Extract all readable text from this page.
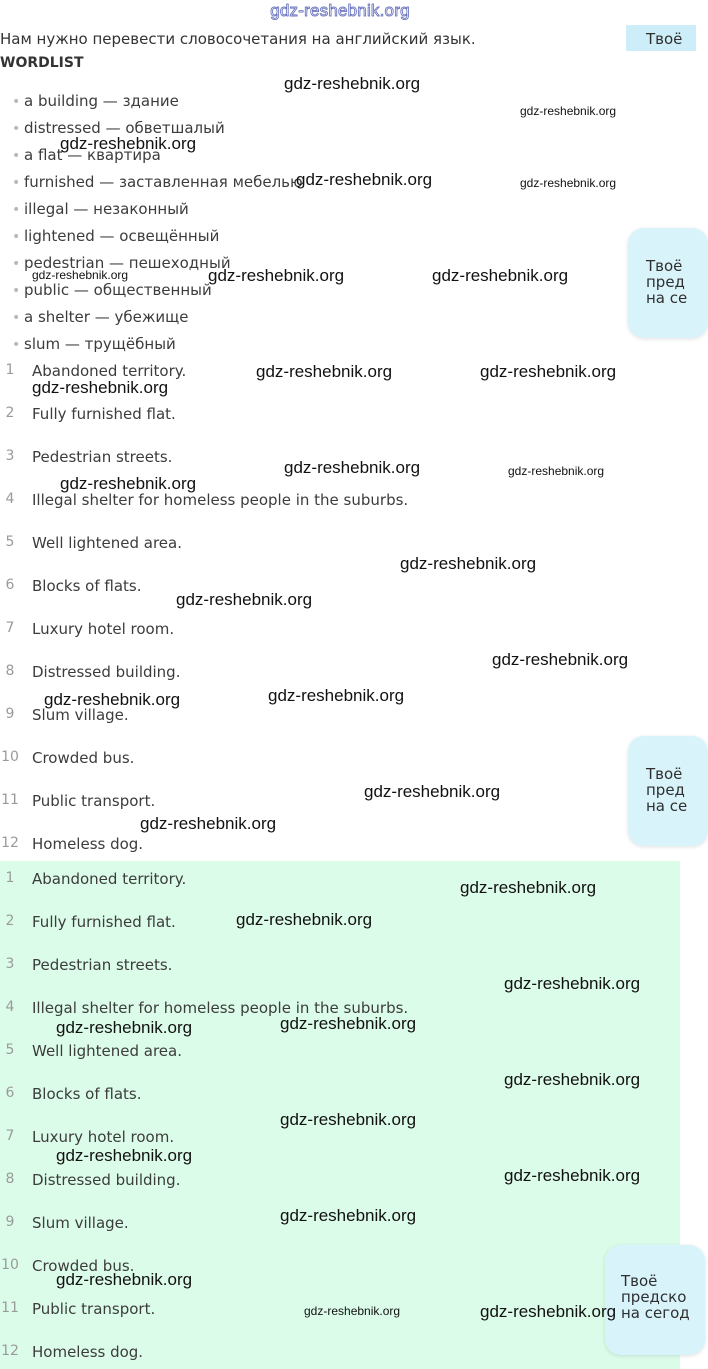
gdz-reshebnik.org
Твоё
Нам нужно перевести словосочетания на английский язык.
WORDLIST
• a building — здание
• distressed — обветшалый
• a flat — квартира
• furnished — заставленная мебелью
• illegal — незаконный
• lightened — освещённый
• pedestrian — пешеходный
• public — общественный
• a shelter — убежище
• slum — трущёбный
1	Abandoned territory.
2	Fully furnished flat.
3	Pedestrian streets.
4	Illegal shelter for homeless people in the suburbs.
5	Well lightened area.
6	Blocks of flats.
7	Luxury hotel room.
8	Distressed building.
9	Slum village.
10 Crowded bus.
11 Public transport.
12 Homeless dog.
1	Abandoned territory.
2	Fully furnished flat.
3	Pedestrian streets.
4	Illegal shelter for homeless people in the suburbs.
5	Well lightened area.
6	Blocks of flats.
7	Luxury hotel room.
8	Distressed building.
9	Slum village.
10 Crowded bus.
11 Public transport.
12 Homeless dog.

Твоё
пред
на се

Твоё
пред
на се

Твоё
предско
на сегод

gdz-reshebnik.org
gdz-reshebnik.org
gdz-reshebnik.org
gdz-reshebnik.org	gdz-reshebnik.org
gdz-reshebnik.org	gdz-reshebnik.org	gdz-reshebnik.org
gdz-reshebnik.org	gdz-reshebnik.org
gdz-reshebnik.org
gdz-reshebnik.org	gdz-reshebnik.org
gdz-reshebnik.org
gdz-reshebnik.org
gdz-reshebnik.org
gdz-reshebnik.org
gdz-reshebnik.org	gdz-reshebnik.org
gdz-reshebnik.org
gdz-reshebnik.org
gdz-reshebnik.org
gdz-reshebnik.org
gdz-reshebnik.org
gdz-reshebnik.org	gdz-reshebnik.org
gdz-reshebnik.org
gdz-reshebnik.org
gdz-reshebnik.org
gdz-reshebnik.org
gdz-reshebnik.org
gdz-reshebnik.org
gdz-reshebnik.org	gdz-reshebnik.org
